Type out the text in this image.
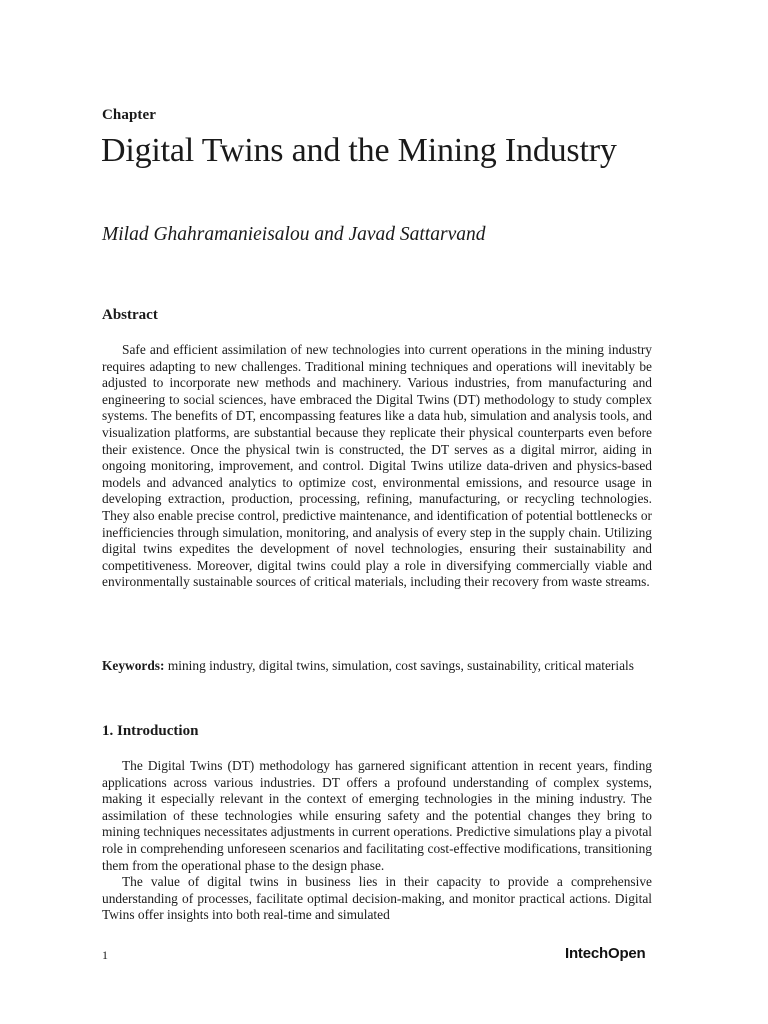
Chapter
Digital Twins and the Mining Industry
Milad Ghahramanieisalou and Javad Sattarvand
Abstract

Safe and efficient assimilation of new technologies into current operations in the mining industry requires adapting to new challenges. Traditional mining techniques and operations will inevitably be adjusted to incorporate new methods and machinery. Various industries, from manufacturing and engineering to social sciences, have embraced the Digital Twins (DT) methodology to study complex systems. The benefits of DT, encompassing features like a data hub, simulation and analysis tools, and visualization platforms, are substantial because they replicate their physical counterparts even before their existence. Once the physical twin is constructed, the DT serves as a digital mirror, aiding in ongoing monitoring, improvement, and control. Digital Twins utilize data-driven and physics-based models and advanced analytics to optimize cost, environmental emissions, and resource usage in developing extraction, production, processing, refining, manufacturing, or recycling technologies. They also enable precise control, predictive maintenance, and identification of potential bottlenecks or inefficiencies through simulation, monitoring, and analysis of every step in the supply chain. Utilizing digital twins expedites the development of novel technologies, ensuring their sustainability and competitiveness. Moreover, digital twins could play a role in diversifying commercially viable and environmentally sustainable sources of critical materials, including their recovery from waste streams.

Keywords: mining industry, digital twins, simulation, cost savings, sustainability, critical materials

1. Introduction

The Digital Twins (DT) methodology has garnered significant attention in recent years, finding applications across various industries. DT offers a profound understanding of complex systems, making it especially relevant in the context of emerging technologies in the mining industry. The assimilation of these technologies while ensuring safety and the potential changes they bring to mining techniques necessitates adjustments in current operations. Predictive simulations play a pivotal role in comprehending unforeseen scenarios and facilitating cost-effective modifications, transitioning them from the operational phase to the design phase.

The value of digital twins in business lies in their capacity to provide a comprehensive understanding of processes, facilitate optimal decision-making, and monitor practical actions. Digital Twins offer insights into both real-time and simulated

1	IntechOpen
